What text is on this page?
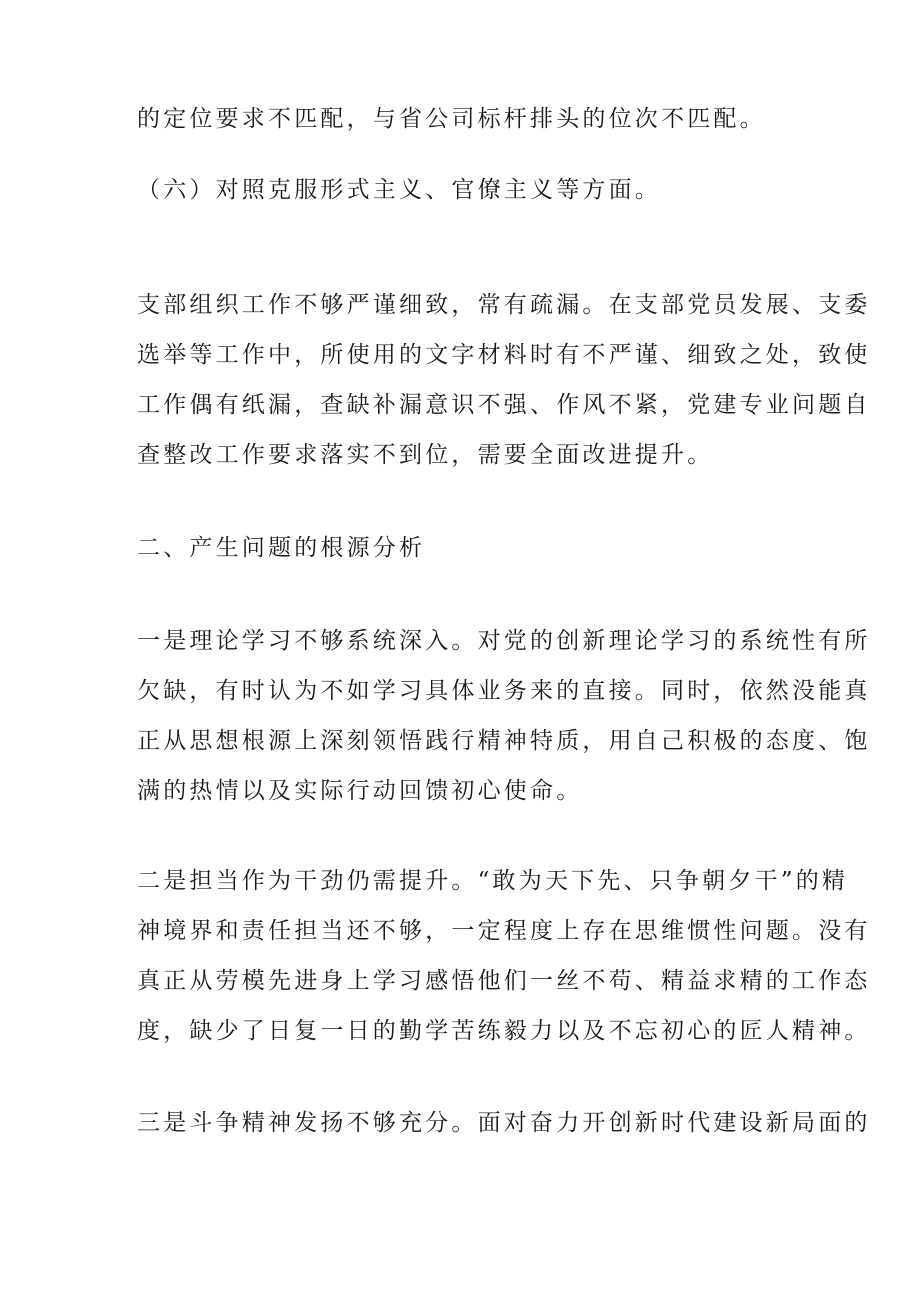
的定位要求不匹配，与省公司标杆排头的位次不匹配。

（六）对照克服形式主义、官僚主义等方面。

支部组织工作不够严谨细致，常有疏漏。在支部党员发展、支委

选举等工作中，所使用的文字材料时有不严谨、细致之处，致使

工作偶有纸漏，查缺补漏意识不强、作风不紧，党建专业问题自

查整改工作要求落实不到位，需要全面改进提升。

二、产生问题的根源分析

一是理论学习不够系统深入。对党的创新理论学习的系统性有所

欠缺，有时认为不如学习具体业务来的直接。同时，依然没能真

正从思想根源上深刻领悟践行精神特质，用自己积极的态度、饱

满的热情以及实际行动回馈初心使命。

二是担当作为干劲仍需提升。“敢为天下先、只争朝夕干”的精

神境界和责任担当还不够，一定程度上存在思维惯性问题。没有

真正从劳模先进身上学习感悟他们一丝不苟、精益求精的工作态

度，缺少了日复一日的勤学苦练毅力以及不忘初心的匠人精神。

三是斗争精神发扬不够充分。面对奋力开创新时代建设新局面的
